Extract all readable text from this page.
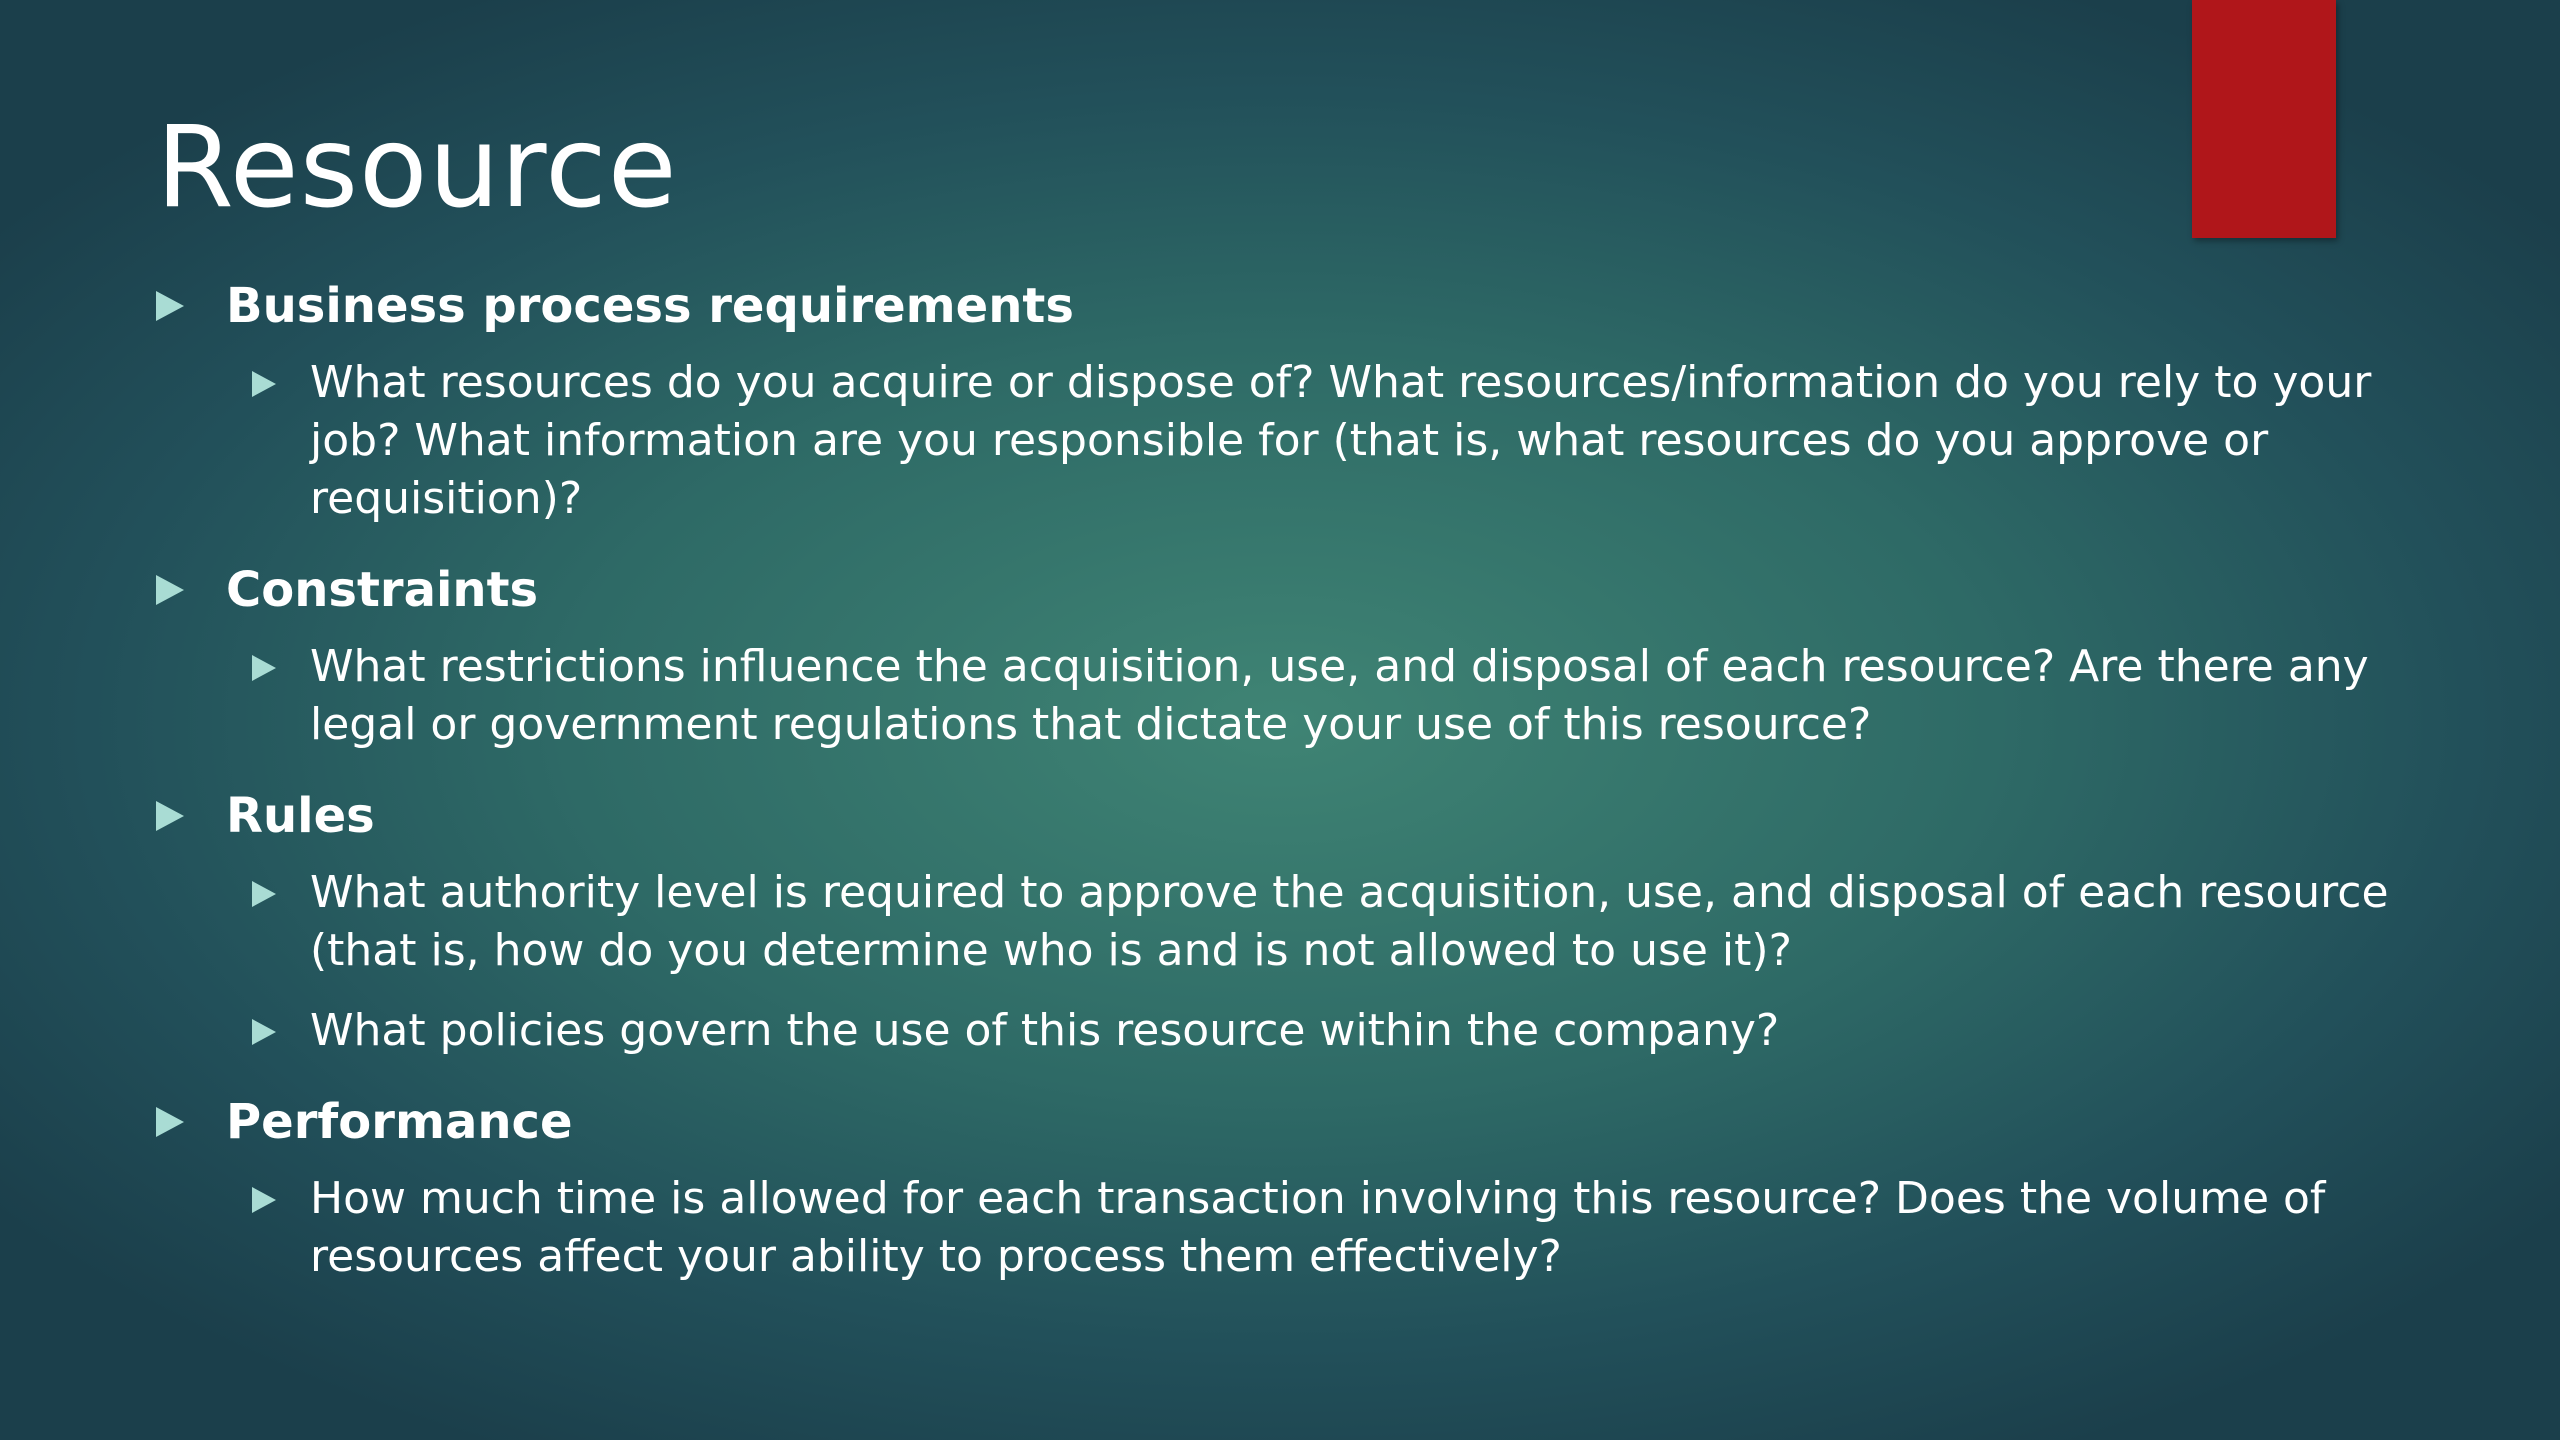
Resource
Business process requirements
What resources do you acquire or dispose of? What resources/information do you rely to your job? What information are you responsible for (that is, what resources do you approve or requisition)?
Constraints
What restrictions influence the acquisition, use, and disposal of each resource? Are there any legal or government regulations that dictate your use of this resource?
Rules
What authority level is required to approve the acquisition, use, and disposal of each resource (that is, how do you determine who is and is not allowed to use it)?
What policies govern the use of this resource within the company?
Performance
How much time is allowed for each transaction involving this resource? Does the volume of resources affect your ability to process them effectively?
